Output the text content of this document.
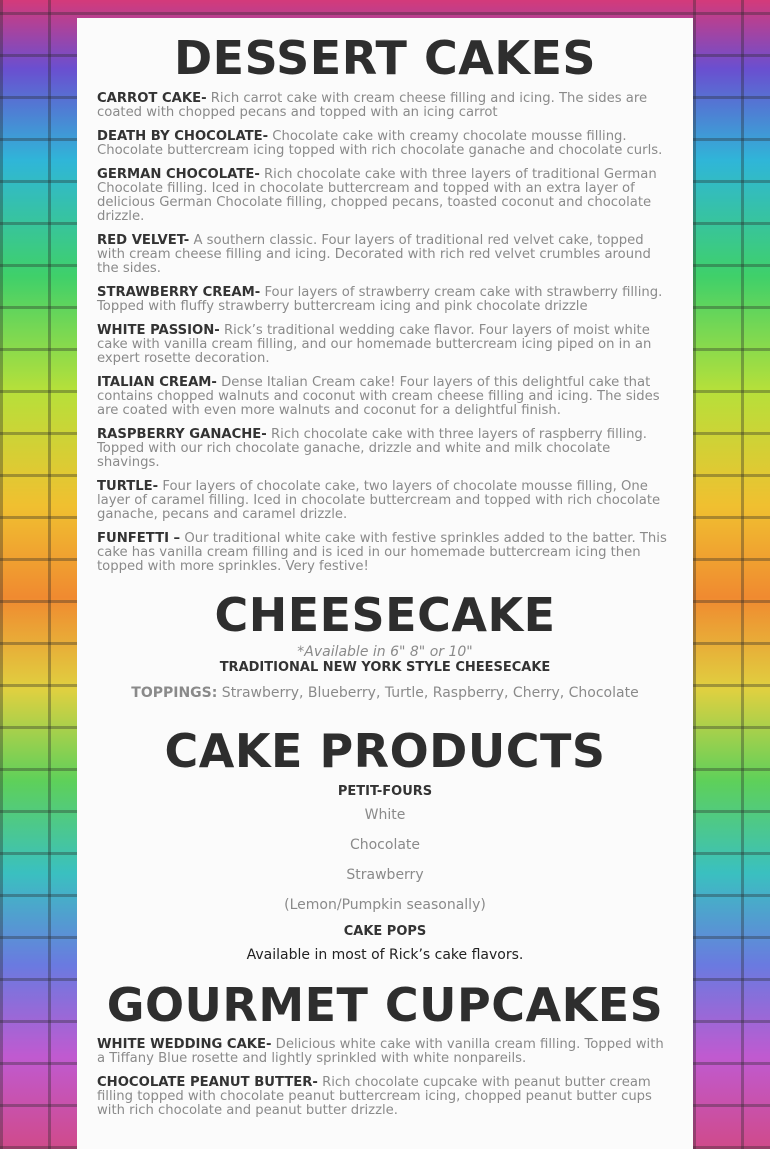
DESSERT CAKES

CARROT CAKE- Rich carrot cake with cream cheese filling and icing. The sides are coated with chopped pecans and topped with an icing carrot

DEATH BY CHOCOLATE- Chocolate cake with creamy chocolate mousse filling. Chocolate buttercream icing topped with rich chocolate ganache and chocolate curls.

GERMAN CHOCOLATE- Rich chocolate cake with three layers of traditional German Chocolate filling. Iced in chocolate buttercream and topped with an extra layer of delicious German Chocolate filling, chopped pecans, toasted coconut and chocolate drizzle.

RED VELVET- A southern classic. Four layers of traditional red velvet cake, topped with cream cheese filling and icing. Decorated with rich red velvet crumbles around the sides.

STRAWBERRY CREAM- Four layers of strawberry cream cake with strawberry filling. Topped with fluffy strawberry buttercream icing and pink chocolate drizzle

WHITE PASSION- Rick’s traditional wedding cake flavor. Four layers of moist white cake with vanilla cream filling, and our homemade buttercream icing piped on in an expert rosette decoration.

ITALIAN CREAM- Dense Italian Cream cake! Four layers of this delightful cake that contains chopped walnuts and coconut with cream cheese filling and icing. The sides are coated with even more walnuts and coconut for a delightful finish.

RASPBERRY GANACHE- Rich chocolate cake with three layers of raspberry filling. Topped with our rich chocolate ganache, drizzle and white and milk chocolate shavings.

TURTLE- Four layers of chocolate cake, two layers of chocolate mousse filling, One layer of caramel filling. Iced in chocolate buttercream and topped with rich chocolate ganache, pecans and caramel drizzle.

FUNFETTI – Our traditional white cake with festive sprinkles added to the batter. This cake has vanilla cream filling and is iced in our homemade buttercream icing then topped with more sprinkles. Very festive!

CHEESECAKE
*Available in 6" 8" or 10"
TRADITIONAL NEW YORK STYLE CHEESECAKE
TOPPINGS: Strawberry, Blueberry, Turtle, Raspberry, Cherry, Chocolate
CAKE PRODUCTS
PETIT-FOURS
White
Chocolate
Strawberry
(Lemon/Pumpkin seasonally)
CAKE POPS
Available in most of Rick’s cake flavors.
GOURMET CUPCAKES

WHITE WEDDING CAKE- Delicious white cake with vanilla cream filling. Topped with a Tiffany Blue rosette and lightly sprinkled with white nonpareils.

CHOCOLATE PEANUT BUTTER- Rich chocolate cupcake with peanut butter cream filling topped with chocolate peanut buttercream icing, chopped peanut butter cups with rich chocolate and peanut butter drizzle.
